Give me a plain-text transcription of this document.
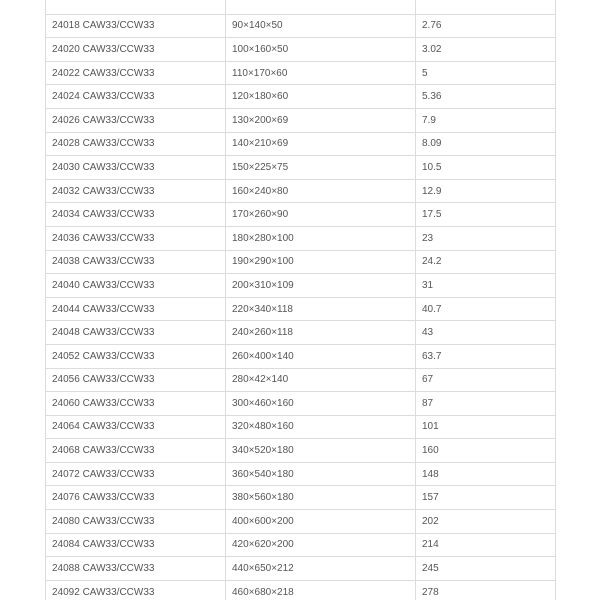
24018 CAW33/CCW33	90×140×50	2.76
24020 CAW33/CCW33	100×160×50	3.02
24022 CAW33/CCW33	110×170×60	5
24024 CAW33/CCW33	120×180×60	5.36
24026 CAW33/CCW33	130×200×69	7.9
24028 CAW33/CCW33	140×210×69	8.09
24030 CAW33/CCW33	150×225×75	10.5
24032 CAW33/CCW33	160×240×80	12.9
24034 CAW33/CCW33	170×260×90	17.5
24036 CAW33/CCW33	180×280×100	23
24038 CAW33/CCW33	190×290×100	24.2
24040 CAW33/CCW33	200×310×109	31
24044 CAW33/CCW33	220×340×118	40.7
24048 CAW33/CCW33	240×260×118	43
24052 CAW33/CCW33	260×400×140	63.7
24056 CAW33/CCW33	280×42×140	67
24060 CAW33/CCW33	300×460×160	87
24064 CAW33/CCW33	320×480×160	101
24068 CAW33/CCW33	340×520×180	160
24072 CAW33/CCW33	360×540×180	148
24076 CAW33/CCW33	380×560×180	157
24080 CAW33/CCW33	400×600×200	202
24084 CAW33/CCW33	420×620×200	214
24088 CAW33/CCW33	440×650×212	245
24092 CAW33/CCW33	460×680×218	278
